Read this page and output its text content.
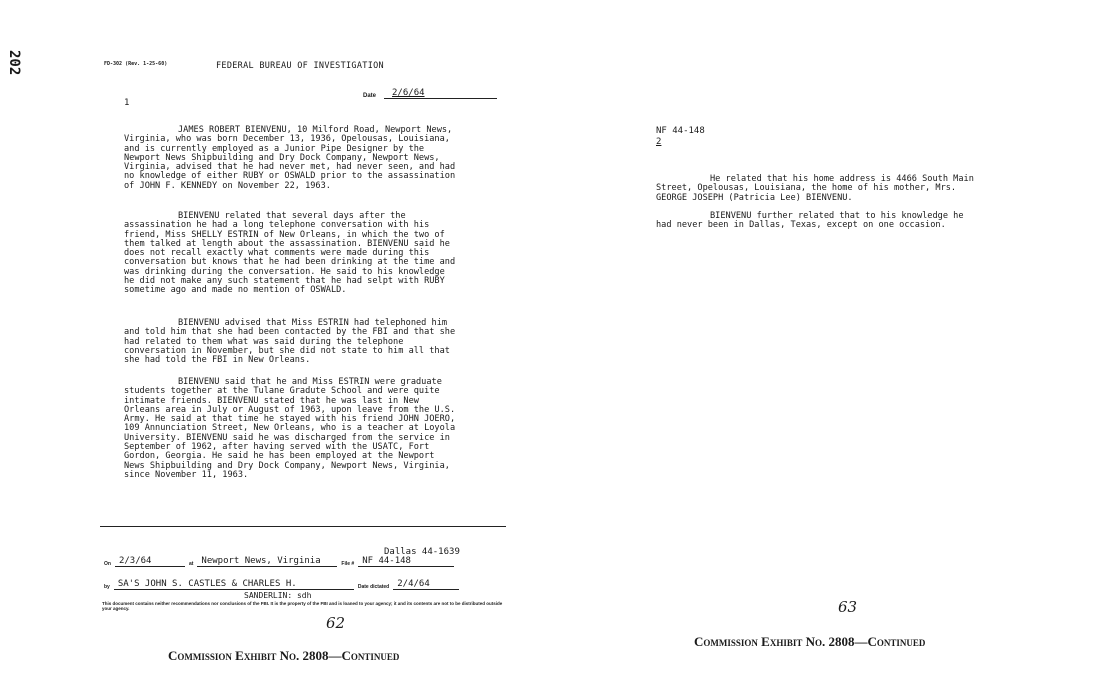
202	FD-302 (Rev. 1-25-60)	FEDERAL BUREAU OF INVESTIGATION
Date	2/6/64
1
JAMES ROBERT BIENVENU, 10 Milford Road, Newport News, Virginia, who was born December 13, 1936, Opelousas, Louisiana, and is currently employed as a Junior Pipe Designer by the Newport News Shipbuilding and Dry Dock Company, Newport News, Virginia, advised that he had never met, had never seen, and had no knowledge of either RUBY or OSWALD prior to the assassination of JOHN F. KENNEDY on November 22, 1963.
BIENVENU related that several days after the assassination he had a long telephone conversation with his friend, Miss SHELLY ESTRIN of New Orleans, in which the two of them talked at length about the assassination. BIENVENU said he does not recall exactly what comments were made during this conversation but knows that he had been drinking at the time and was drinking during the conversation. He said to his knowledge he did not make any such statement that he had selpt with RUBY sometime ago and made no mention of OSWALD.
BIENVENU advised that Miss ESTRIN had telephoned him and told him that she had been contacted by the FBI and that she had related to them what was said during the telephone conversation in November, but she did not state to him all that she had told the FBI in New Orleans.
BIENVENU said that he and Miss ESTRIN were graduate students together at the Tulane Gradute School and were quite intimate friends. BIENVENU stated that he was last in New Orleans area in July or August of 1963, upon leave from the U.S. Army. He said at that time he stayed with his friend JOHN JOERO, 109 Annunciation Street, New Orleans, who is a teacher at Loyola University. BIENVENU said he was discharged from the service in September of 1962, after having served with the USATC, Fort Gordon, Georgia. He said he has been employed at the Newport News Shipbuilding and Dry Dock Company, Newport News, Virginia, since November 11, 1963.
Dallas 44-1639
On 2/3/64	at Newport News, Virginia	File # NF 44-148
by SA'S JOHN S. CASTLES & CHARLES H.	Date dictated 2/4/64
SANDERLIN: sdh
This document contains neither recommendations nor conclusions of the FBI. It is the property of the FBI and is loaned to your agency; it and its contents are not to be distributed outside your agency.
62
Commission Exhibit No. 2808—Continued
NF 44-148
2
He related that his home address is 4466 South Main Street, Opelousas, Louisiana, the home of his mother, Mrs. GEORGE JOSEPH (Patricia Lee) BIENVENU.
BIENVENU further related that to his knowledge he had never been in Dallas, Texas, except on one occasion.
63
Commission Exhibit No. 2808—Continued
